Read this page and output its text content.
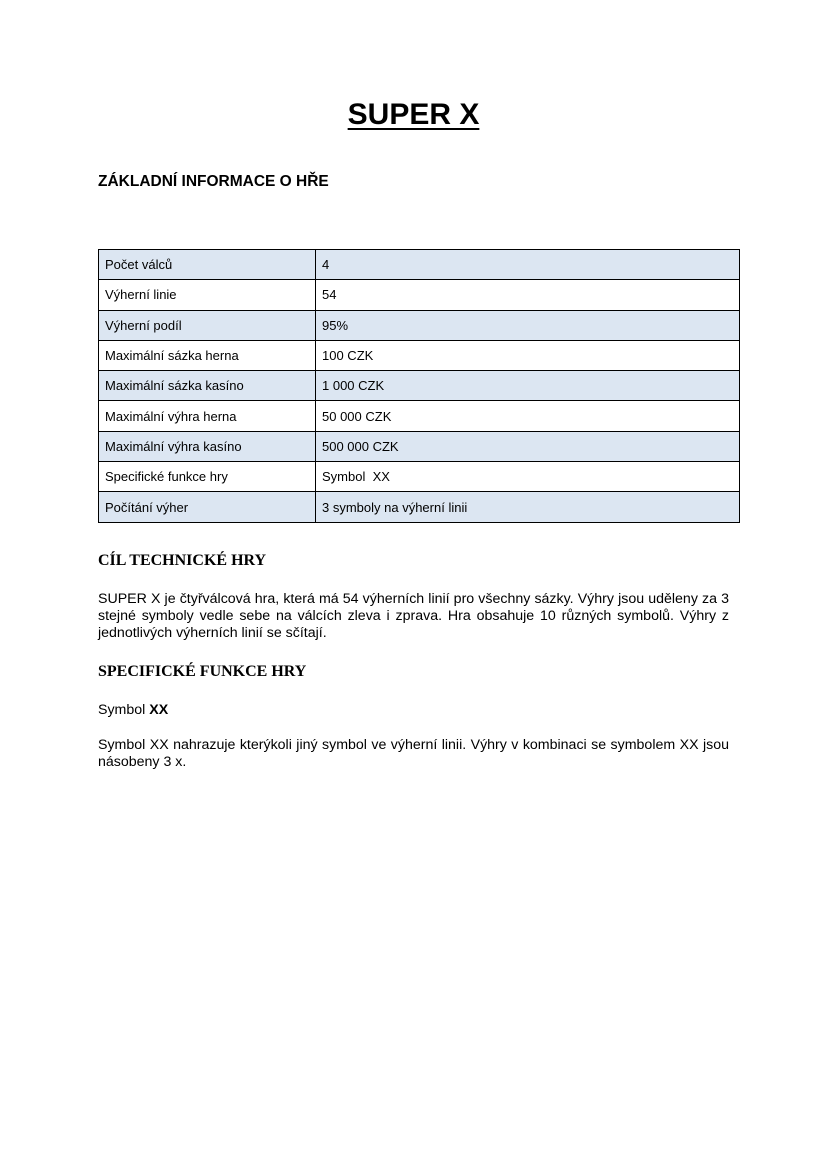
SUPER X
ZÁKLADNÍ INFORMACE O HŘE
Počet válců	4
Výherní linie	54
Výherní podíl	95%
Maximální sázka herna	100 CZK
Maximální sázka kasíno	1 000 CZK
Maximální výhra herna	50 000 CZK
Maximální výhra kasíno	500 000 CZK
Specifické funkce hry	Symbol  XX
Počítání výher	3 symboly na výherní linii
CÍL TECHNICKÉ HRY
SUPER X je čtyřválcová hra, která má 54 výherních linií pro všechny sázky. Výhry jsou uděleny za 3 stejné symboly vedle sebe na válcích zleva i zprava. Hra obsahuje 10 různých symbolů. Výhry z jednotlivých výherních linií se sčítají.
SPECIFICKÉ FUNKCE HRY
Symbol XX
Symbol XX nahrazuje kterýkoli jiný symbol ve výherní linii. Výhry v kombinaci se symbolem XX jsou násobeny 3 x.
